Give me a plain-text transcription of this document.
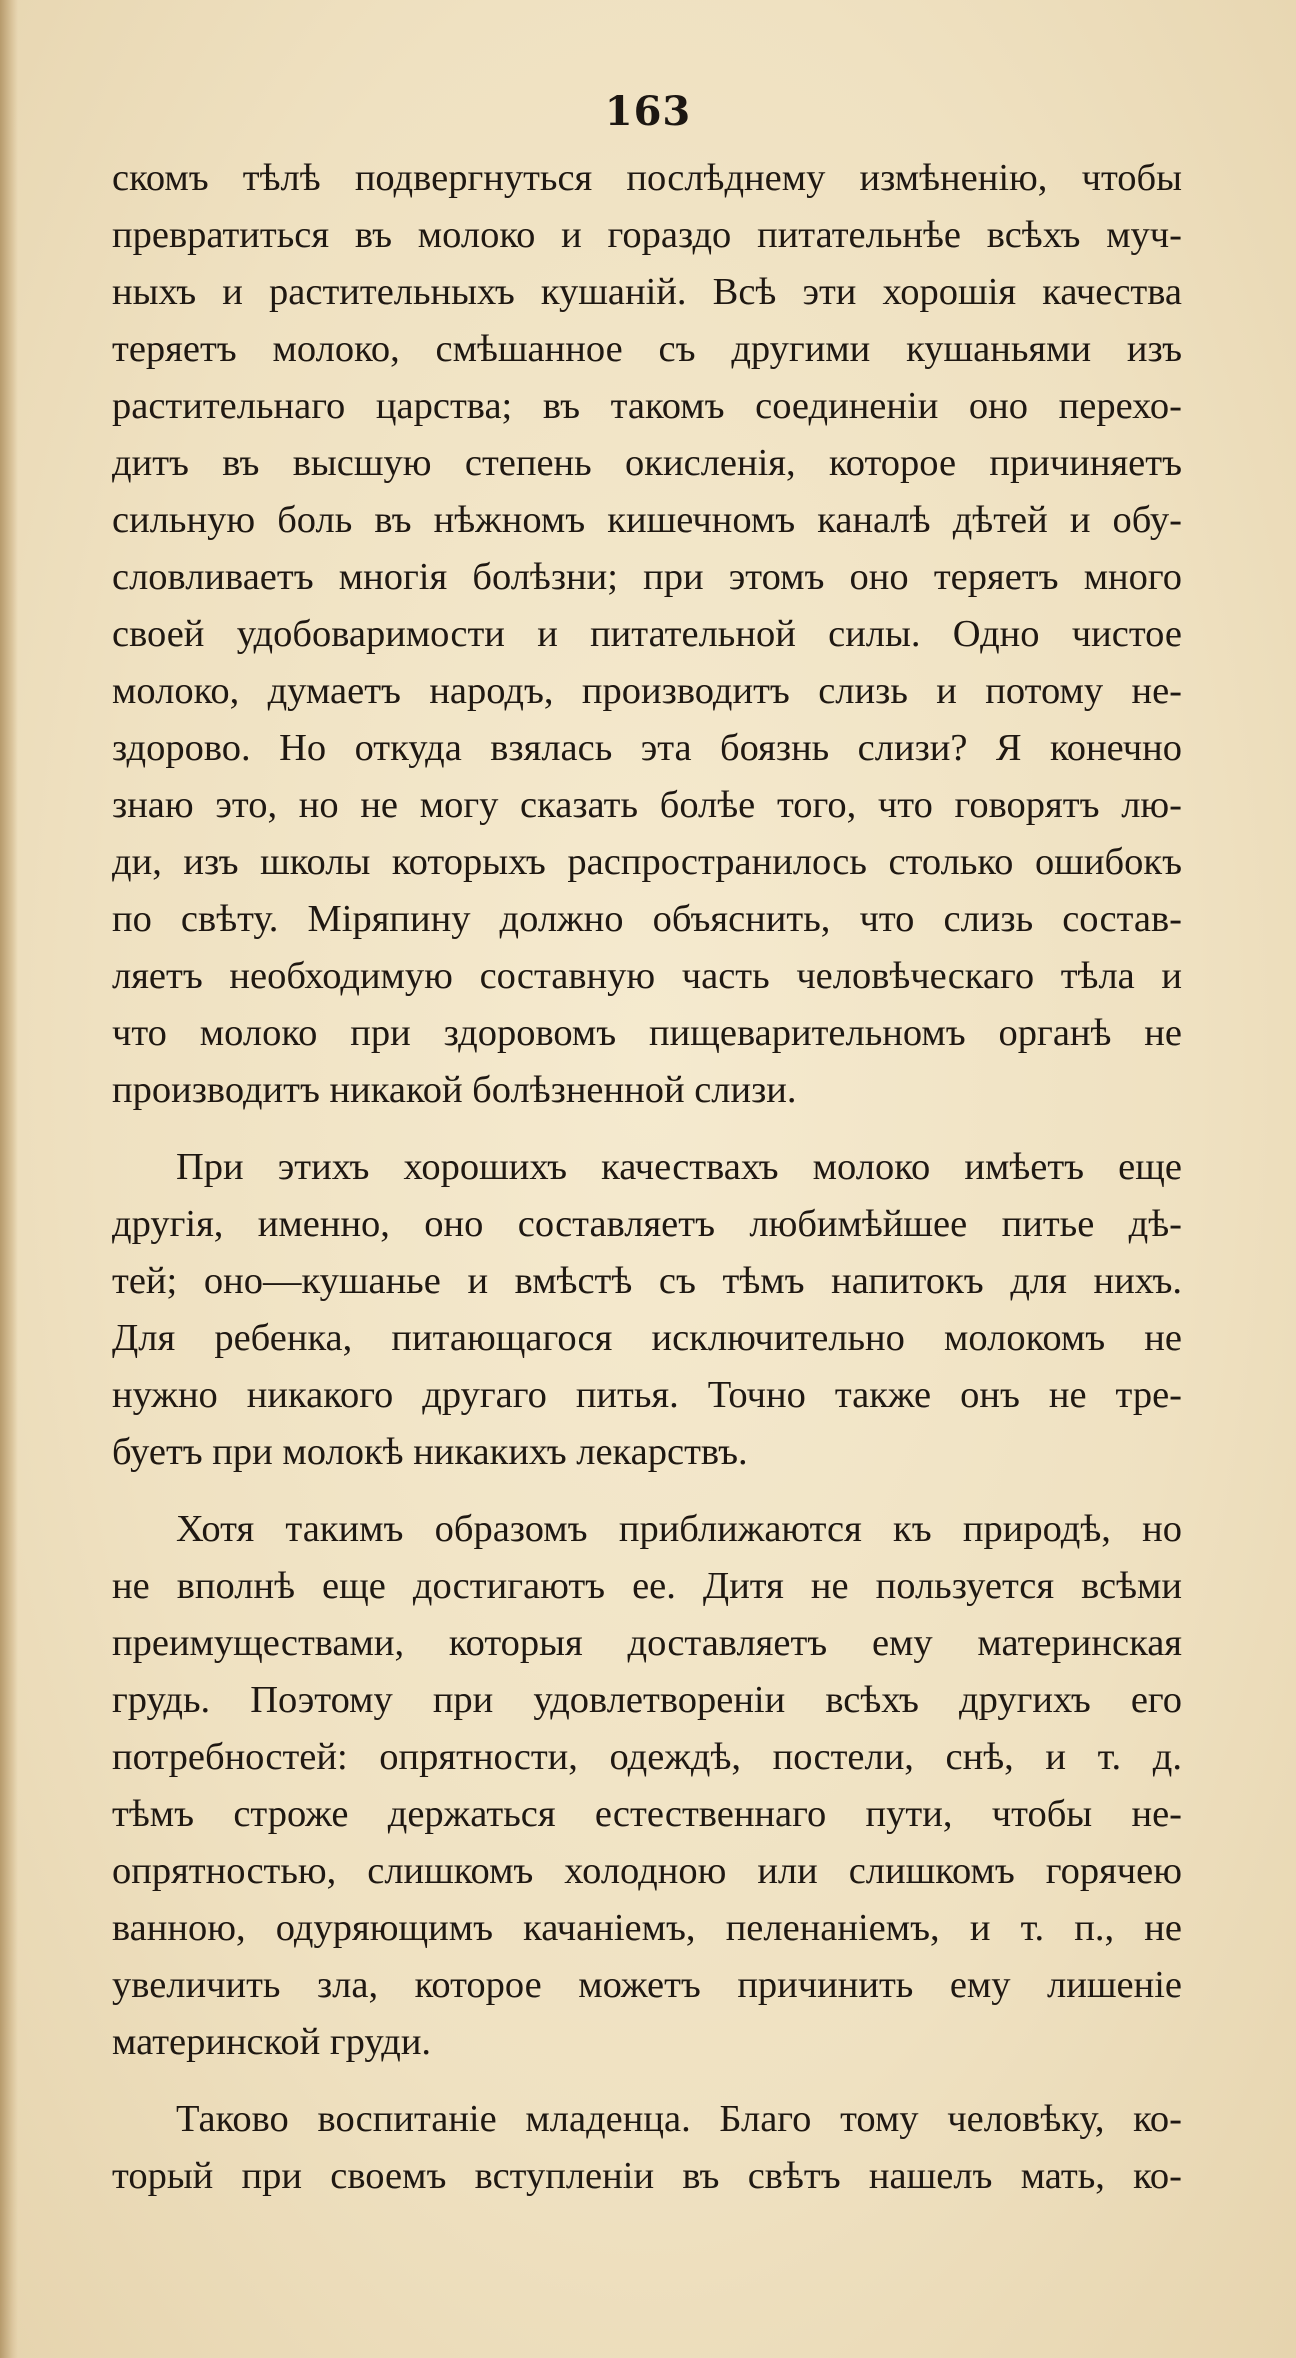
163
скомъ тѣлѣ подвергнуться послѣднему измѣненію, чтобы
превратиться въ молоко и гораздо питательнѣе всѣхъ муч-
ныхъ и растительныхъ кушаній. Всѣ эти хорошія качества
теряетъ молоко, смѣшанное съ другими кушаньями изъ
растительнаго царства; въ такомъ соединеніи оно перехо-
дитъ въ высшую степень окисленія, которое причиняетъ
сильную боль въ нѣжномъ кишечномъ каналѣ дѣтей и обу-
словливаетъ многія болѣзни; при этомъ оно теряетъ много
своей удобоваримости и питательной силы. Одно чистое
молоко, думаетъ народъ, производитъ слизь и потому не-
здорово. Но откуда взялась эта боязнь слизи? Я конечно
знаю это, но не могу сказать болѣе того, что говорятъ лю-
ди, изъ школы которыхъ распространилось столько ошибокъ
по свѣту. Міряпину должно объяснить, что слизь состав-
ляетъ необходимую составную часть человѣческаго тѣла и
что молоко при здоровомъ пищеварительномъ органѣ не
производитъ никакой болѣзненной слизи.
При этихъ хорошихъ качествахъ молоко имѣетъ еще
другія, именно, оно составляетъ любимѣйшее питье дѣ-
тей; оно—кушанье и вмѣстѣ съ тѣмъ напитокъ для нихъ.
Для ребенка, питающагося исключительно молокомъ не
нужно никакого другаго питья. Точно также онъ не тре-
буетъ при молокѣ никакихъ лекарствъ.
Хотя такимъ образомъ приближаются къ природѣ, но
не вполнѣ еще достигаютъ ее. Дитя не пользуется всѣми
преимуществами, которыя доставляетъ ему материнская
грудь. Поэтому при удовлетвореніи всѣхъ другихъ его
потребностей: опрятности, одеждѣ, постели, снѣ, и т. д.
тѣмъ строже держаться естественнаго пути, чтобы не-
опрятностью, слишкомъ холодною или слишкомъ горячею
ванною, одуряющимъ качаніемъ, пеленаніемъ, и т. п., не
увеличить зла, которое можетъ причинить ему лишеніе
материнской груди.
Таково воспитаніе младенца. Благо тому человѣку, ко-
торый при своемъ вступленіи въ свѣтъ нашелъ мать, ко-
